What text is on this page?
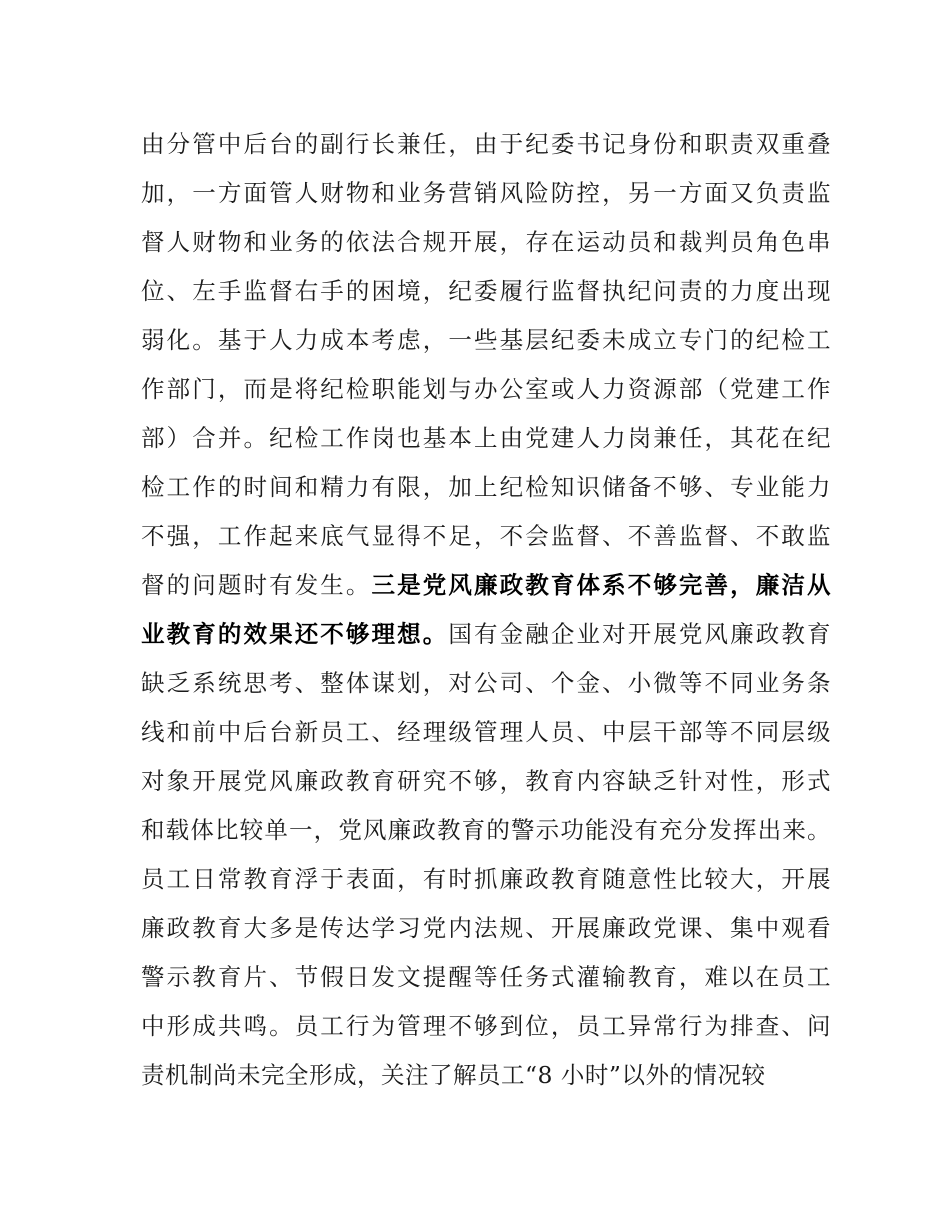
由分管中后台的副行长兼任，由于纪委书记身份和职责双重叠
加，一方面管人财物和业务营销风险防控，另一方面又负责监
督人财物和业务的依法合规开展，存在运动员和裁判员角色串
位、左手监督右手的困境，纪委履行监督执纪问责的力度出现
弱化。基于人力成本考虑，一些基层纪委未成立专门的纪检工
作部门，而是将纪检职能划与办公室或人力资源部（党建工作
部）合并。纪检工作岗也基本上由党建人力岗兼任，其花在纪
检工作的时间和精力有限，加上纪检知识储备不够、专业能力
不强，工作起来底气显得不足，不会监督、不善监督、不敢监
督的问题时有发生。三是党风廉政教育体系不够完善，廉洁从
业教育的效果还不够理想。国有金融企业对开展党风廉政教育
缺乏系统思考、整体谋划，对公司、个金、小微等不同业务条
线和前中后台新员工、经理级管理人员、中层干部等不同层级
对象开展党风廉政教育研究不够，教育内容缺乏针对性，形式
和载体比较单一，党风廉政教育的警示功能没有充分发挥出来。
员工日常教育浮于表面，有时抓廉政教育随意性比较大，开展
廉政教育大多是传达学习党内法规、开展廉政党课、集中观看
警示教育片、节假日发文提醒等任务式灌输教育，难以在员工
中形成共鸣。员工行为管理不够到位，员工异常行为排查、问
责机制尚未完全形成，关注了解员工“8 小时”以外的情况较
